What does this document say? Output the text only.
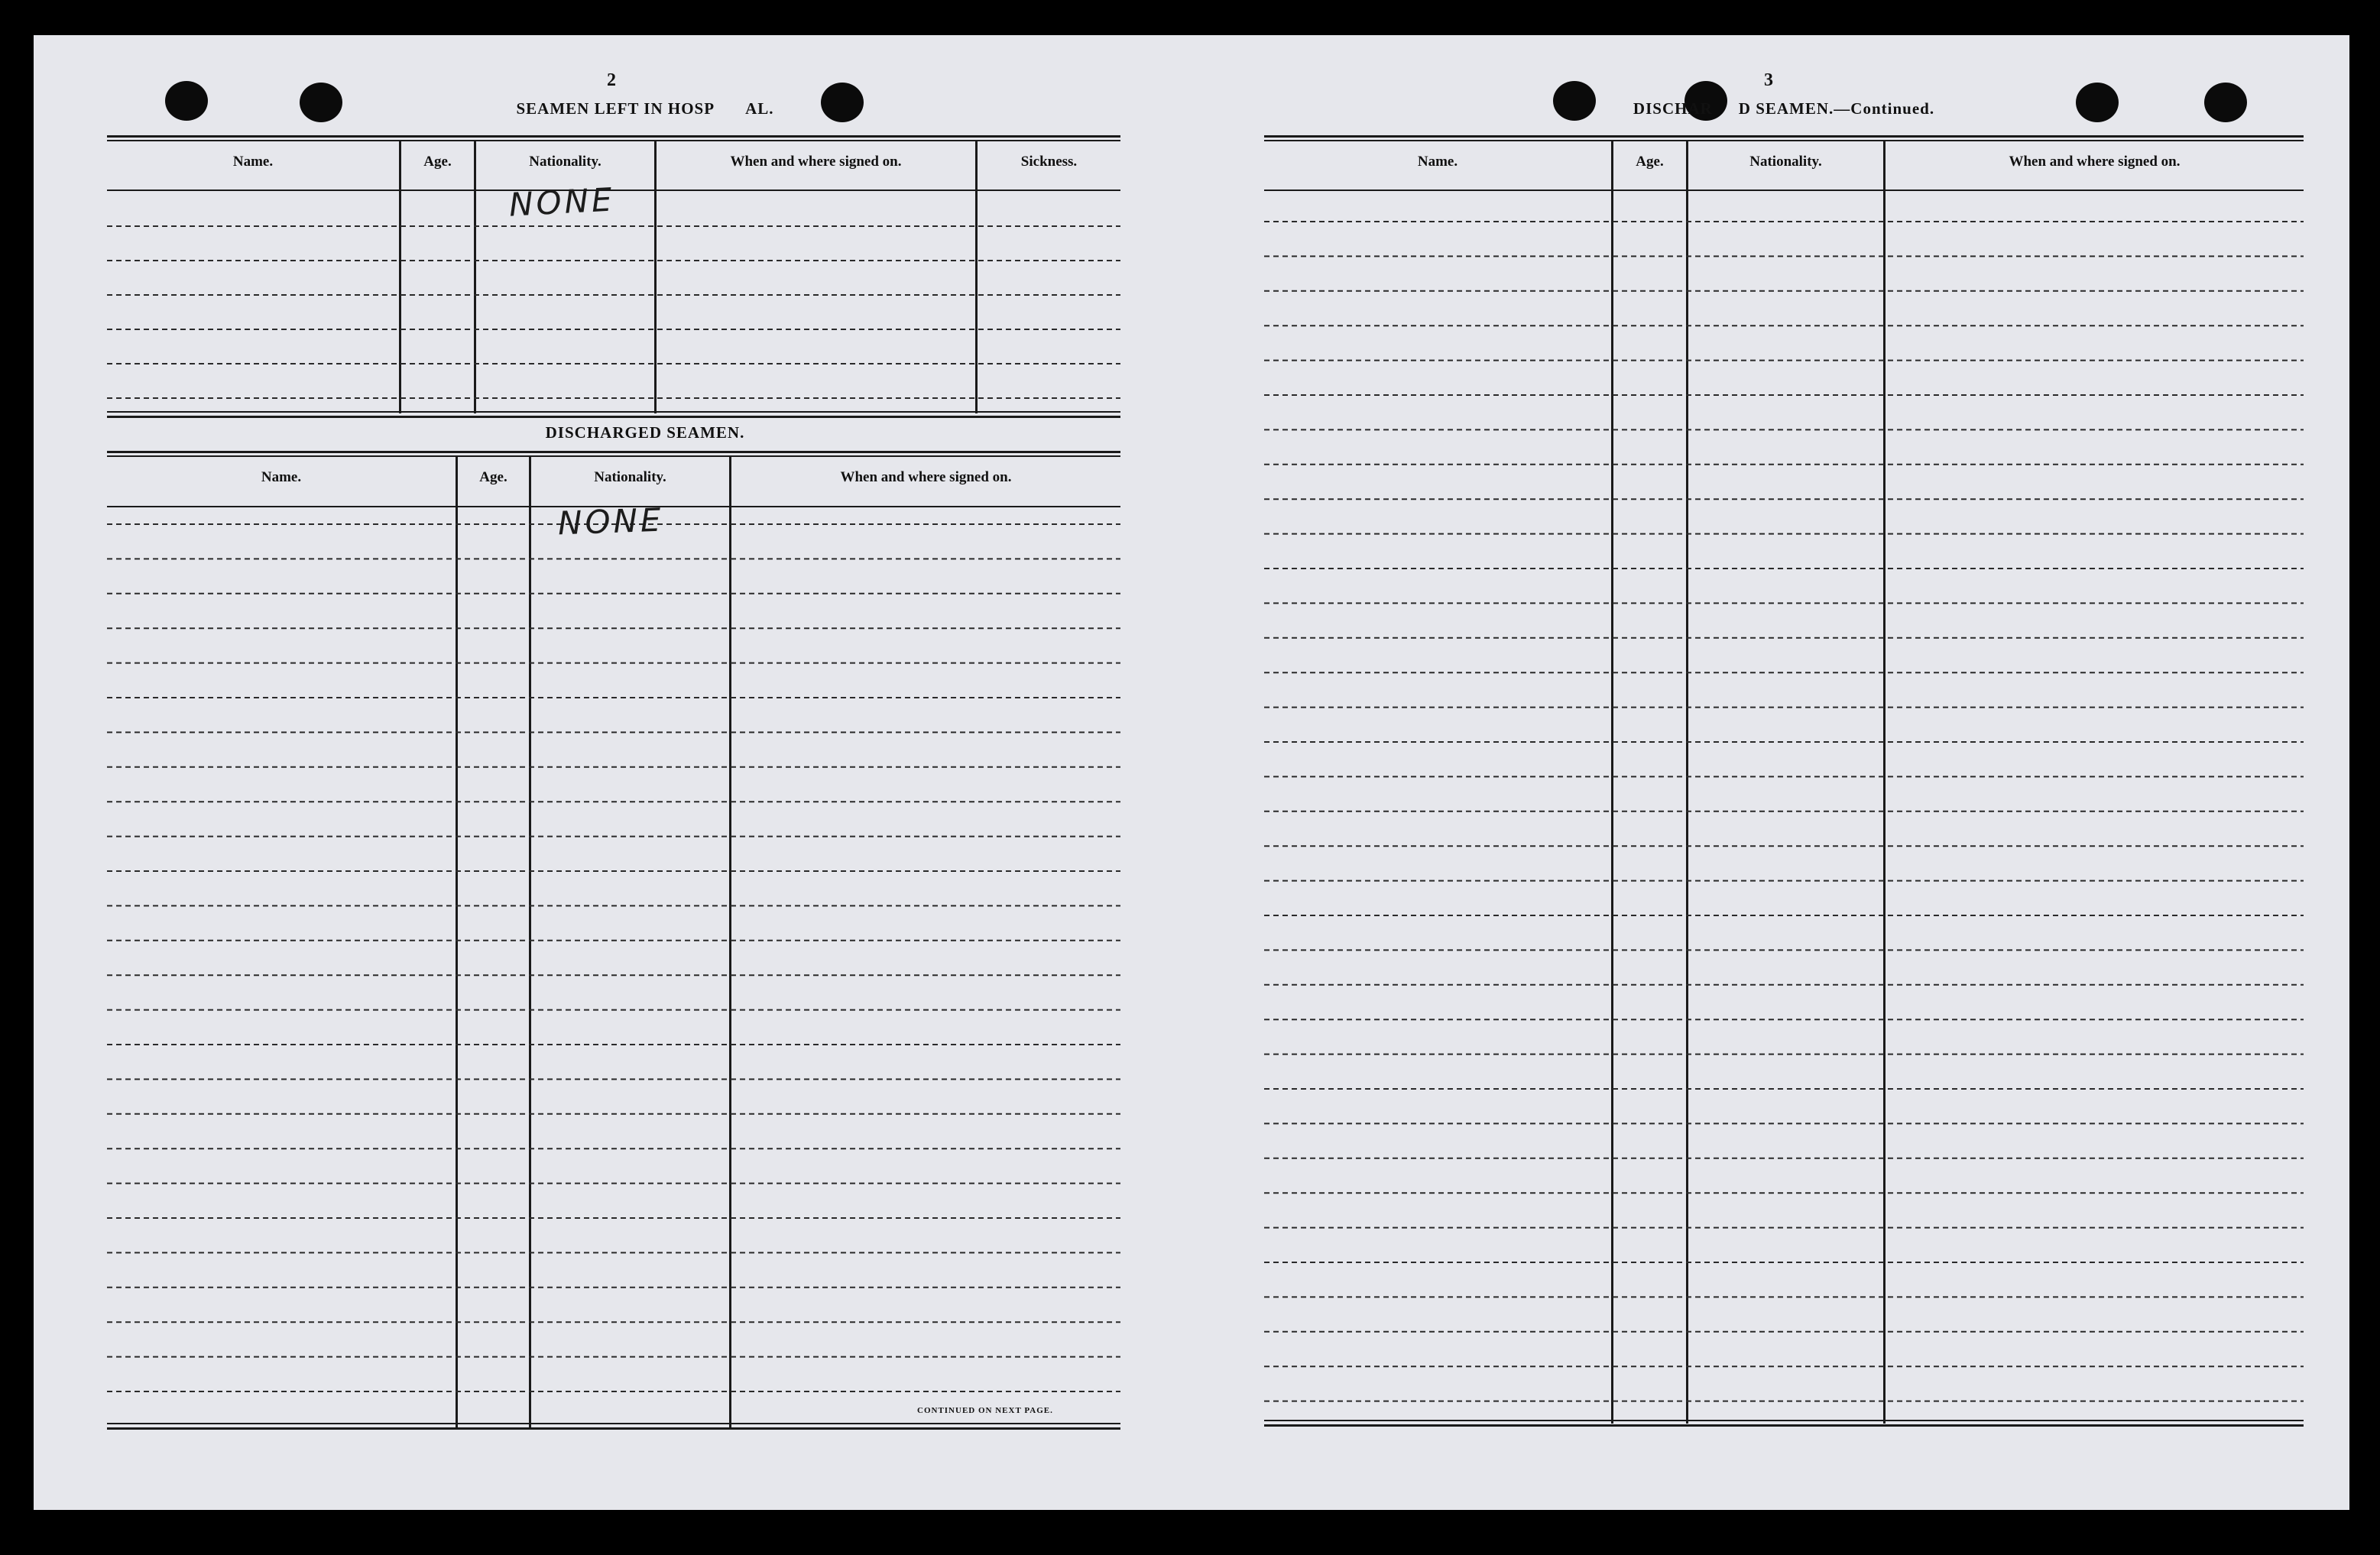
2
SEAMEN LEFT IN HOSP AL.
Name.	Age.	Nationality.	When and where signed on.	Sickness.
NONE
DISCHARGED SEAMEN.
Name.	Age.	Nationality.	When and where signed on.
NONE
CONTINUED ON NEXT PAGE.
3
DISCHAR D SEAMEN.—Continued.
Name.	Age.	Nationality.	When and where signed on.
